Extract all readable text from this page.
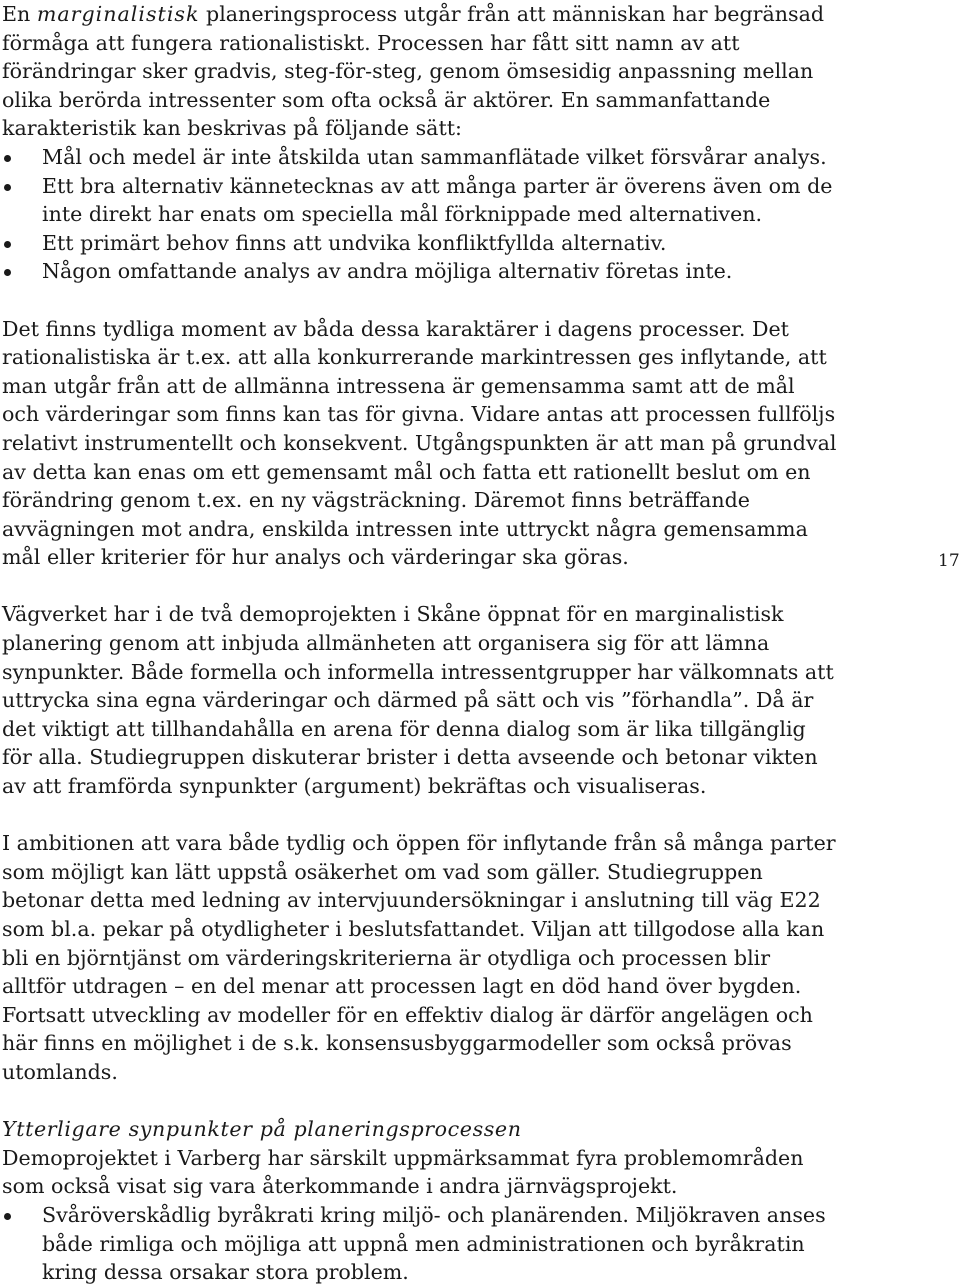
En marginalistisk planeringsprocess utgår från att människan har begränsad förmåga att fungera rationalistiskt. Processen har fått sitt namn av att förändringar sker gradvis, steg-för-steg, genom ömsesidig anpassning mellan olika berörda intressenter som ofta också är aktörer. En sammanfattande karakteristik kan beskrivas på följande sätt:

Mål och medel är inte åtskilda utan sammanflätade vilket försvårar analys.
Ett bra alternativ kännetecknas av att många parter är överens även om de inte direkt har enats om speciella mål förknippade med alternativen.
Ett primärt behov finns att undvika konfliktfyllda alternativ.
Någon omfattande analys av andra möjliga alternativ företas inte.

Det finns tydliga moment av båda dessa karaktärer i dagens processer. Det rationalistiska är t.ex. att alla konkurrerande markintressen ges inflytande, att man utgår från att de allmänna intressena är gemensamma samt att de mål och värderingar som finns kan tas för givna. Vidare antas att processen fullföljs relativt instrumentellt och konsekvent. Utgångspunkten är att man på grundval av detta kan enas om ett gemensamt mål och fatta ett rationellt beslut om en förändring genom t.ex. en ny vägsträckning. Däremot finns beträffande avvägningen mot andra, enskilda intressen inte uttryckt några gemensamma mål eller kriterier för hur analys och värderingar ska göras.

Vägverket har i de två demoprojekten i Skåne öppnat för en marginalistisk planering genom att inbjuda allmänheten att organisera sig för att lämna synpunkter. Både formella och informella intressentgrupper har välkomnats att uttrycka sina egna värderingar och därmed på sätt och vis ”förhandla”. Då är det viktigt att tillhandahålla en arena för denna dialog som är lika tillgänglig för alla. Studiegruppen diskuterar brister i detta avseende och betonar vikten av att framförda synpunkter (argument) bekräftas och visualiseras.

I ambitionen att vara både tydlig och öppen för inflytande från så många parter som möjligt kan lätt uppstå osäkerhet om vad som gäller. Studiegruppen betonar detta med ledning av intervjuundersökningar i anslutning till väg E22 som bl.a. pekar på otydligheter i beslutsfattandet. Viljan att tillgodose alla kan bli en björntjänst om värderingskriterierna är otydliga och processen blir alltför utdragen – en del menar att processen lagt en död hand över bygden. Fortsatt utveckling av modeller för en effektiv dialog är därför angelägen och här finns en möjlighet i de s.k. konsensusbyggarmodeller som också prövas utomlands.

Ytterligare synpunkter på planeringsprocessen

Demoprojektet i Varberg har särskilt uppmärksammat fyra problemområden som också visat sig vara återkommande i andra järnvägsprojekt.

Svåröverskådlig byråkrati kring miljö- och planärenden. Miljökraven anses både rimliga och möjliga att uppnå men administrationen och byråkratin kring dessa orsakar stora problem.
17
